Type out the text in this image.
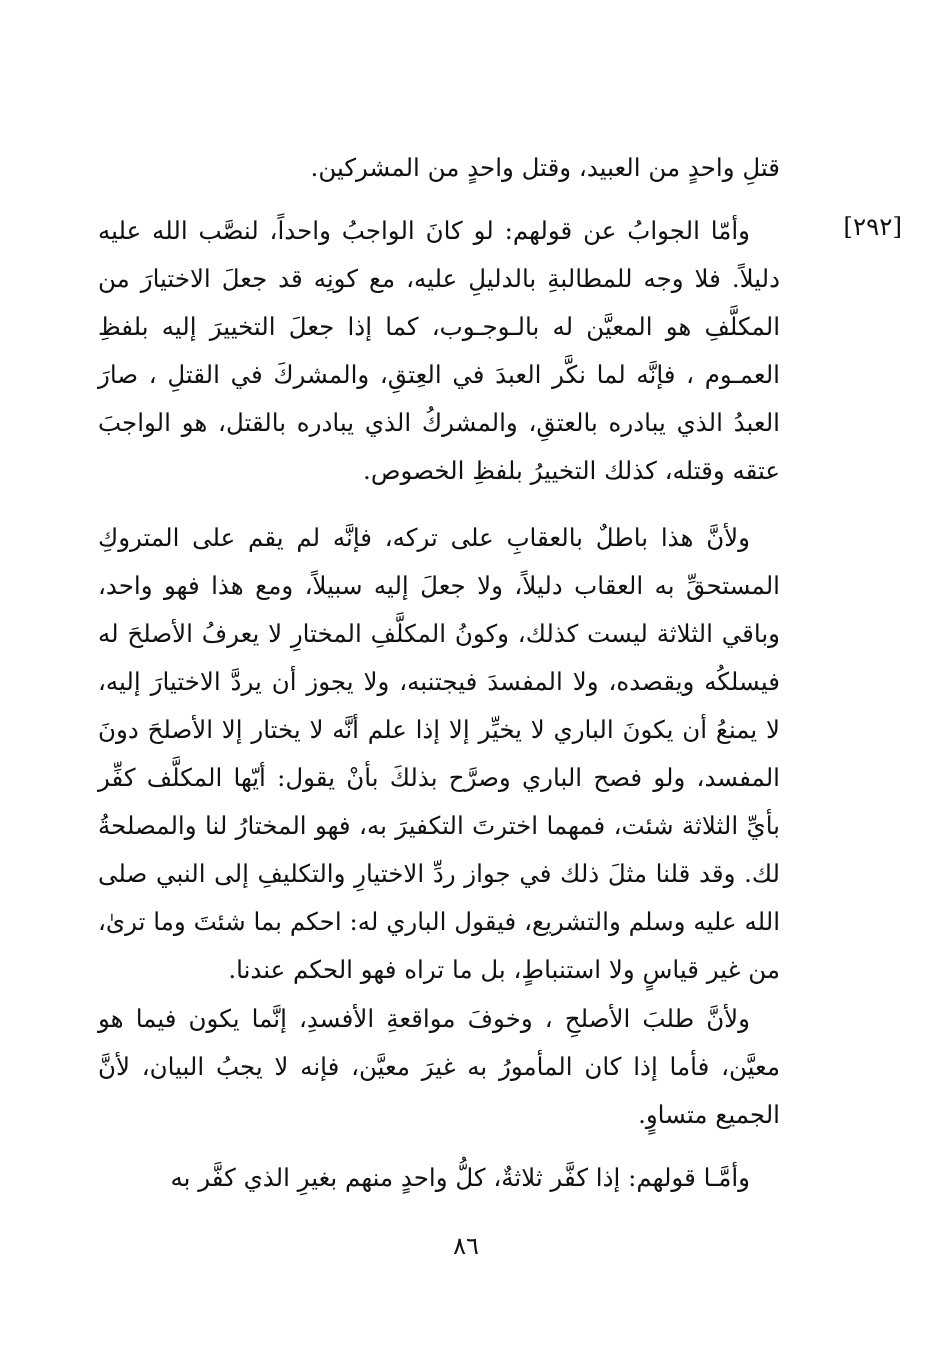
قتلِ واحدٍ من العبيد، وقتل واحدٍ من المشركين.

[٢٩٢]

وأمّا الجوابُ عن قولهم: لو كانَ الواجبُ واحداً، لنصَّب الله عليه دليلاً. فلا وجه للمطالبةِ بالدليلِ عليه، مع كونِه قد جعلَ الاختيارَ من المكلَّفِ هو المعيَّن له بالـوجـوب، كما إذا جعلَ التخييرَ إليه بلفظِ العمـوم ، فإنَّه لما نكَّر العبدَ في العِتقِ، والمشركَ في القتلِ ، صارَ العبدُ الذي يبادره بالعتقِ، والمشركُ الذي يبادره بالقتل، هو الواجبَ عتقه وقتله، كذلك التخييرُ بلفظِ الخصوص.

ولأنَّ هذا باطلٌ بالعقابِ على تركه، فإنَّه لم يقم على المتروكِ المستحقِّ به العقاب دليلاً، ولا جعلَ إليه سبيلاً، ومع هذا فهو واحد، وباقي الثلاثة ليست كذلك، وكونُ المكلَّفِ المختارِ لا يعرفُ الأصلحَ له فيسلكُه ويقصده، ولا المفسدَ فيجتنبه، ولا يجوز أن يردَّ الاختيارَ إليه، لا يمنعُ أن يكونَ الباري لا يخيِّر إلا إذا علم أنَّه لا يختار إلا الأصلحَ دونَ المفسد، ولو فصح الباري وصرَّح بذلكَ بأنْ يقول: أيّها المكلَّف كفِّر بأيِّ الثلاثة شئت، فمهما اخترتَ التكفيرَ به، فهو المختارُ لنا والمصلحةُ لك. وقد قلنا مثلَ ذلك في جواز ردِّ الاختيارِ والتكليفِ إلى النبي صلى الله عليه وسلم والتشريع، فيقول الباري له: احكم بما شئتَ وما ترىٰ، من غير قياسٍ ولا استنباطٍ، بل ما تراه فهو الحكم عندنا.

ولأنَّ طلبَ الأصلحِ ، وخوفَ مواقعةِ الأفسدِ، إنَّما يكون فيما هو معيَّن، فأما إذا كان المأمورُ به غيرَ معيَّن، فإنه لا يجبُ البيان، لأنَّ الجميع متساوٍ.

وأمَّـا قولهم: إذا كفَّر ثلاثةٌ، كلُّ واحدٍ منهم بغيرِ الذي كفَّر به

٨٦
